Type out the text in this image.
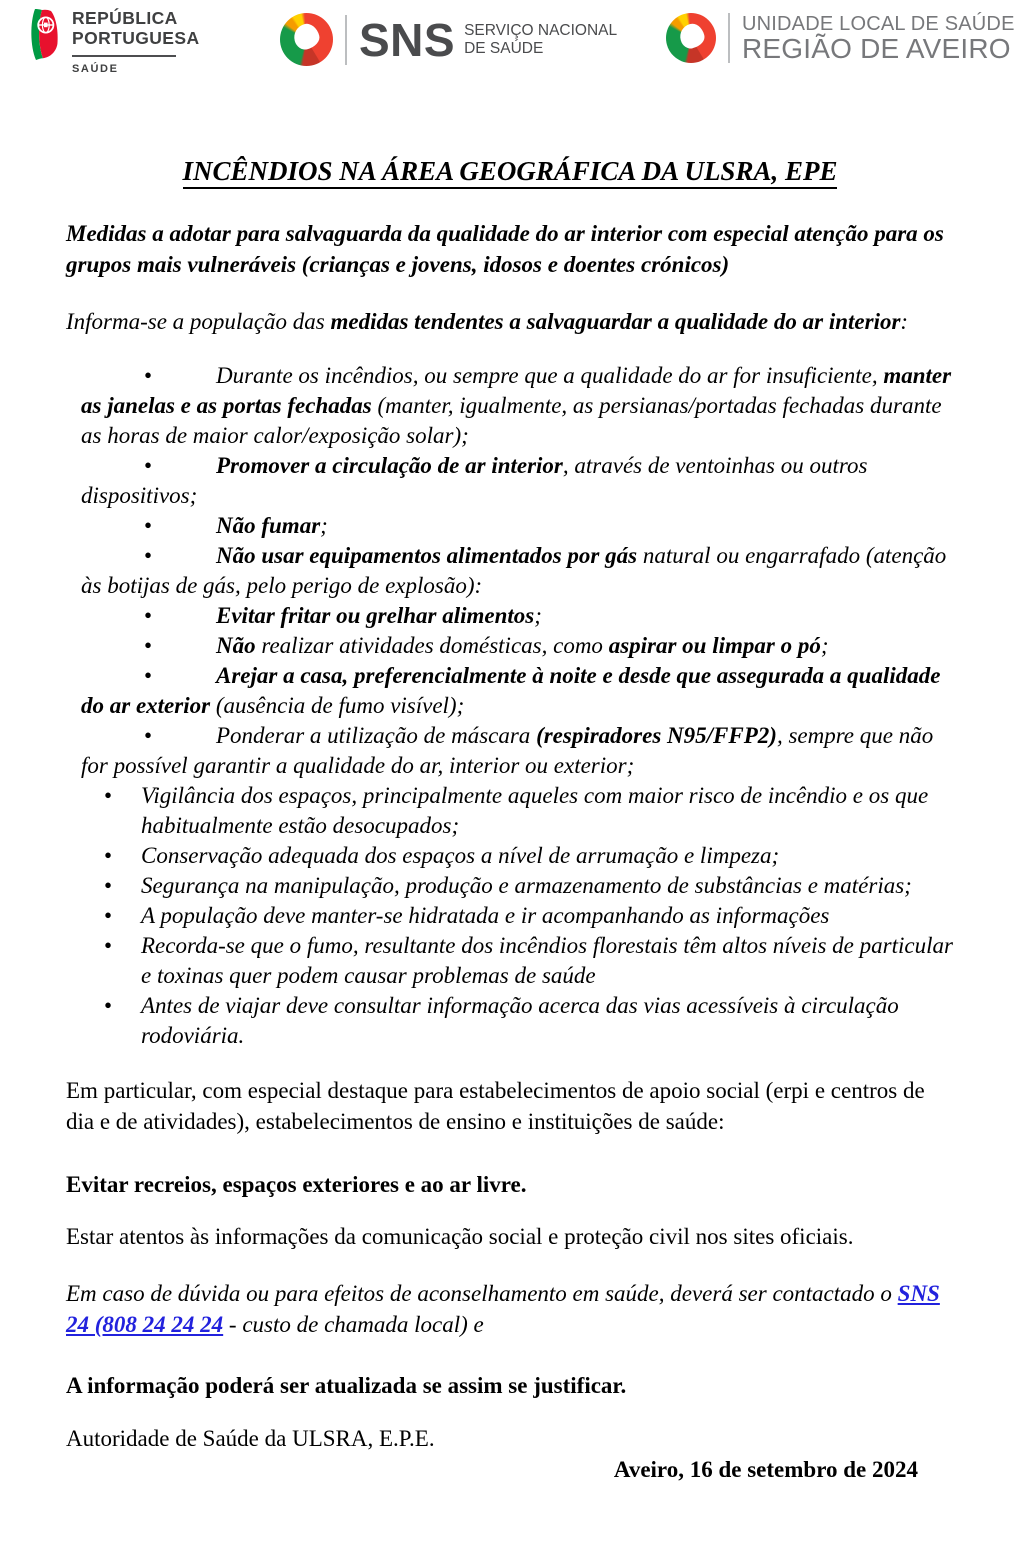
REPÚBLICA
PORTUGUESA
SAÚDE
SNS SERVIÇO NACIONAL
DE SAÚDE
UNIDADE LOCAL DE SAÚDE
REGIÃO DE AVEIRO
INCÊNDIOS NA ÁREA GEOGRÁFICA DA ULSRA, EPE

Medidas a adotar para salvaguarda da qualidade do ar interior com especial atenção para os grupos mais vulneráveis (crianças e jovens, idosos e doentes crónicos)

Informa-se a população das medidas tendentes a salvaguardar a qualidade do ar interior:

•Durante os incêndios, ou sempre que a qualidade do ar for insuficiente, manter as janelas e as portas fechadas (manter, igualmente, as persianas/portadas fechadas durante as horas de maior calor/exposição solar);
•Promover a circulação de ar interior, através de ventoinhas ou outros dispositivos;
•Não fumar;
•Não usar equipamentos alimentados por gás natural ou engarrafado (atenção às botijas de gás, pelo perigo de explosão):
•Evitar fritar ou grelhar alimentos;
•Não realizar atividades domésticas, como aspirar ou limpar o pó;
•Arejar a casa, preferencialmente à noite e desde que assegurada a qualidade do ar exterior (ausência de fumo visível);
•Ponderar a utilização de máscara (respiradores N95/FFP2), sempre que não for possível garantir a qualidade do ar, interior ou exterior;
•Vigilância dos espaços, principalmente aqueles com maior risco de incêndio e os que habitualmente estão desocupados;
•Conservação adequada dos espaços a nível de arrumação e limpeza;
•Segurança na manipulação, produção e armazenamento de substâncias e matérias;
•A população deve manter-se hidratada e ir acompanhando as informações
•Recorda-se que o fumo, resultante dos incêndios florestais têm altos níveis de particular e toxinas quer podem causar problemas de saúde
•Antes de viajar deve consultar informação acerca das vias acessíveis à circulação rodoviária.

Em particular, com especial destaque para estabelecimentos de apoio social (erpi e centros de dia e de atividades), estabelecimentos de ensino e instituições de saúde:

Evitar recreios, espaços exteriores e ao ar livre.

Estar atentos às informações da comunicação social e proteção civil nos sites oficiais.

Em caso de dúvida ou para efeitos de aconselhamento em saúde, deverá ser contactado o SNS 24 (808 24 24 24 - custo de chamada local) e

A informação poderá ser atualizada se assim se justificar.

Autoridade de Saúde da ULSRA, E.P.E.

Aveiro, 16 de setembro de 2024
